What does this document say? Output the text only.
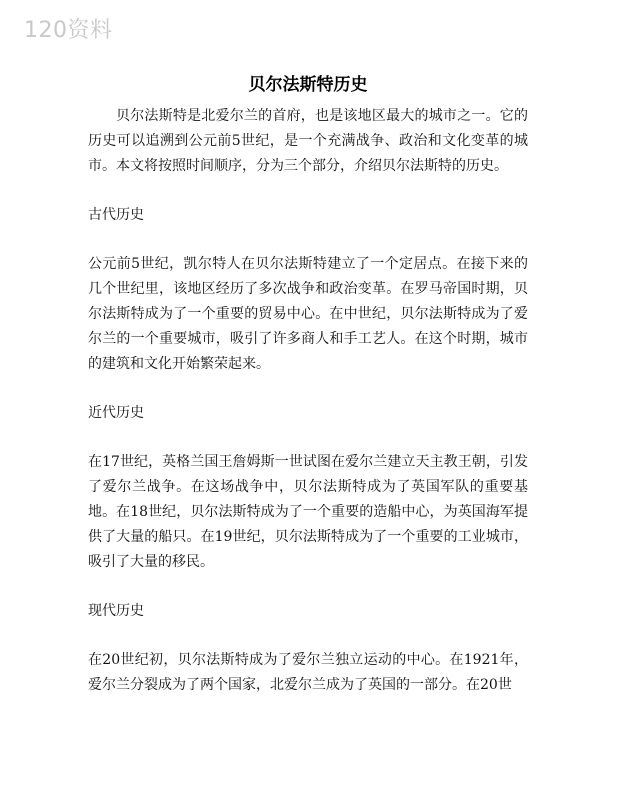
120资料
贝尔法斯特历史

贝尔法斯特是北爱尔兰的首府，也是该地区最大的城市之一。它的历史可以追溯到公元前5世纪，是一个充满战争、政治和文化变革的城市。本文将按照时间顺序，分为三个部分，介绍贝尔法斯特的历史。

古代历史

公元前5世纪，凯尔特人在贝尔法斯特建立了一个定居点。在接下来的几个世纪里，该地区经历了多次战争和政治变革。在罗马帝国时期，贝尔法斯特成为了一个重要的贸易中心。在中世纪，贝尔法斯特成为了爱尔兰的一个重要城市，吸引了许多商人和手工艺人。在这个时期，城市的建筑和文化开始繁荣起来。

近代历史

在17世纪，英格兰国王詹姆斯一世试图在爱尔兰建立天主教王朝，引发了爱尔兰战争。在这场战争中，贝尔法斯特成为了英国军队的重要基地。在18世纪，贝尔法斯特成为了一个重要的造船中心，为英国海军提供了大量的船只。在19世纪，贝尔法斯特成为了一个重要的工业城市，吸引了大量的移民。

现代历史

在20世纪初，贝尔法斯特成为了爱尔兰独立运动的中心。在1921年，爱尔兰分裂成为了两个国家，北爱尔兰成为了英国的一部分。在20世
